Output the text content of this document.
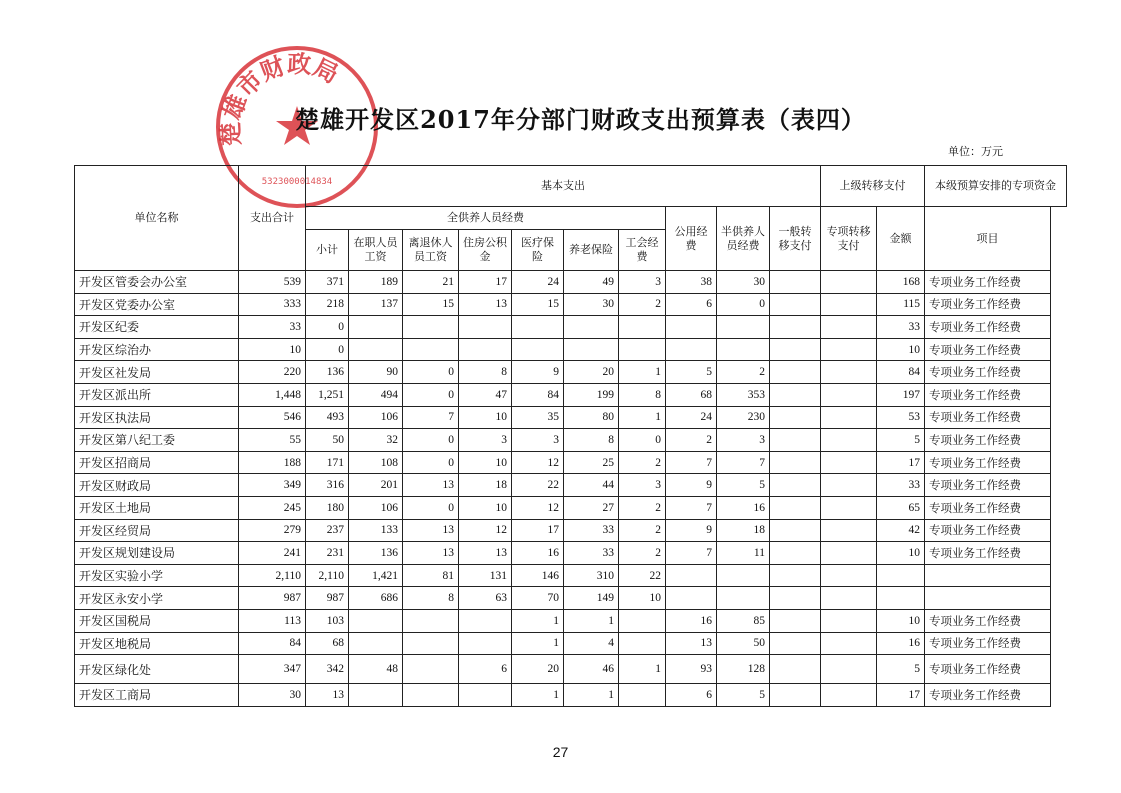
楚雄市财政局
5323000014834
楚雄开发区2017年分部门财政支出预算表（表四）
单位：万元
单位名称	支出合计	基本支出										上级转移支付		本级预算安排的专项资金
		全供养人员经费							公用经费	半供养人员经费	一般转移支付	专项转移支付	金额	项目
		小计	在职人员工资	离退休人员工资	住房公积金	医疗保险	养老保险	工会经费						
开发区管委会办公室	539	371	189	21	17	24	49	3	38	30			168	专项业务工作经费
开发区党委办公室	333	218	137	15	13	15	30	2	6	0			115	专项业务工作经费
开发区纪委	33	0											33	专项业务工作经费
开发区综治办	10	0											10	专项业务工作经费
开发区社发局	220	136	90	0	8	9	20	1	5	2			84	专项业务工作经费
开发区派出所	1,448	1,251	494	0	47	84	199	8	68	353			197	专项业务工作经费
开发区执法局	546	493	106	7	10	35	80	1	24	230			53	专项业务工作经费
开发区第八纪工委	55	50	32	0	3	3	8	0	2	3			5	专项业务工作经费
开发区招商局	188	171	108	0	10	12	25	2	7	7			17	专项业务工作经费
开发区财政局	349	316	201	13	18	22	44	3	9	5			33	专项业务工作经费
开发区土地局	245	180	106	0	10	12	27	2	7	16			65	专项业务工作经费
开发区经贸局	279	237	133	13	12	17	33	2	9	18			42	专项业务工作经费
开发区规划建设局	241	231	136	13	13	16	33	2	7	11			10	专项业务工作经费
开发区实验小学	2,110	2,110	1,421	81	131	146	310	22						
开发区永安小学	987	987	686	8	63	70	149	10						
开发区国税局	113	103				1	1		16	85			10	专项业务工作经费
开发区地税局	84	68				1	4		13	50			16	专项业务工作经费
开发区绿化处	347	342	48		6	20	46	1	93	128			5	专项业务工作经费
开发区工商局	30	13				1	1		6	5			17	专项业务工作经费
27
